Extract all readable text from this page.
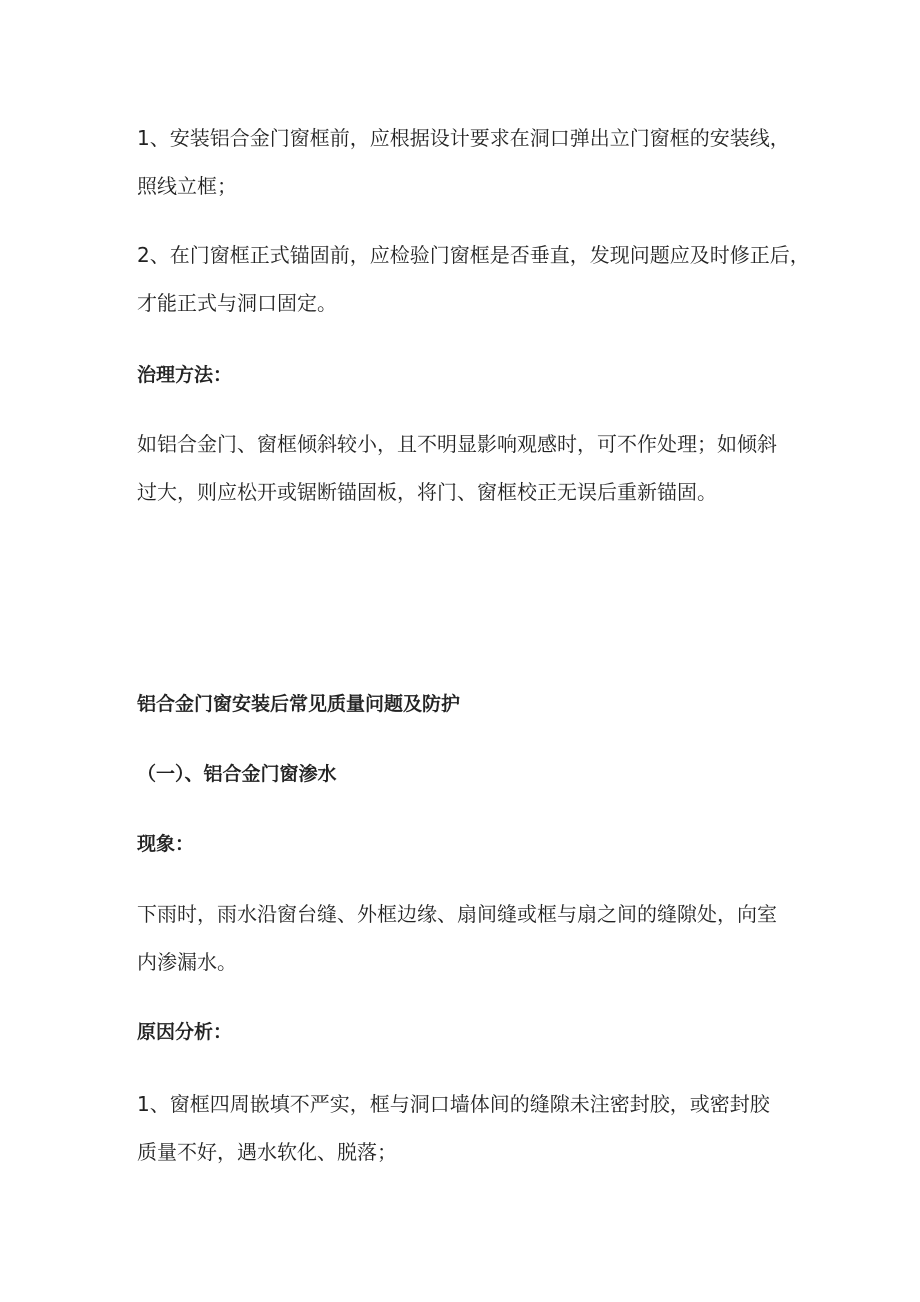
1、安装铝合金门窗框前，应根据设计要求在洞口弹出立门窗框的安装线，
照线立框；

2、在门窗框正式锚固前，应检验门窗框是否垂直，发现问题应及时修正后，
才能正式与洞口固定。

治理方法：

如铝合金门、窗框倾斜较小，且不明显影响观感时，可不作处理；如倾斜
过大，则应松开或锯断锚固板，将门、窗框校正无误后重新锚固。

铝合金门窗安装后常见质量问题及防护

（一）、铝合金门窗渗水

现象：

下雨时，雨水沿窗台缝、外框边缘、扇间缝或框与扇之间的缝隙处，向室
内渗漏水。

原因分析：

1、窗框四周嵌填不严实，框与洞口墙体间的缝隙未注密封胶，或密封胶
质量不好，遇水软化、脱落；
